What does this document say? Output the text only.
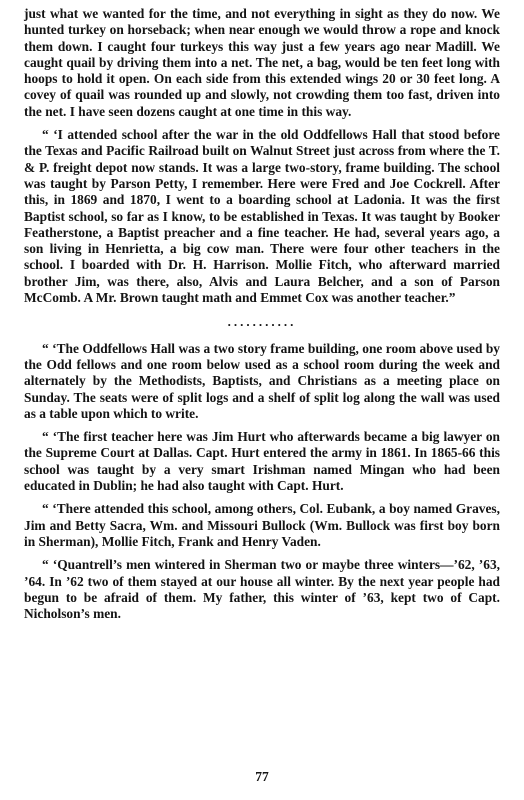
just what we wanted for the time, and not everything in sight as they do now. We hunted turkey on horseback; when near enough we would throw a rope and knock them down. I caught four turkeys this way just a few years ago near Madill. We caught quail by driving them into a net. The net, a bag, would be ten feet long with hoops to hold it open. On each side from this extended wings 20 or 30 feet long. A covey of quail was rounded up and slowly, not crowding them too fast, driven into the net. I have seen dozens caught at one time in this way.

“ ‘I attended school after the war in the old Oddfellows Hall that stood before the Texas and Pacific Railroad built on Walnut Street just across from where the T. & P. freight depot now stands. It was a large two-story, frame building. The school was taught by Parson Petty, I remember. Here were Fred and Joe Cockrell. After this, in 1869 and 1870, I went to a boarding school at Ladonia. It was the first Baptist school, so far as I know, to be established in Texas. It was taught by Booker Featherstone, a Baptist preacher and a fine teacher. He had, several years ago, a son living in Henrietta, a big cow man. There were four other teachers in the school. I boarded with Dr. H. Harrison. Mollie Fitch, who afterward married brother Jim, was there, also, Alvis and Laura Belcher, and a son of Parson McComb. A Mr. Brown taught math and Emmet Cox was another teacher.”

...........

“ ‘The Oddfellows Hall was a two story frame building, one room above used by the Odd fellows and one room below used as a school room during the week and alternately by the Methodists, Baptists, and Christians as a meeting place on Sunday. The seats were of split logs and a shelf of split log along the wall was used as a table upon which to write.

“ ‘The first teacher here was Jim Hurt who afterwards became a big lawyer on the Supreme Court at Dallas. Capt. Hurt entered the army in 1861. In 1865-66 this school was taught by a very smart Irishman named Mingan who had been educated in Dublin; he had also taught with Capt. Hurt.

“ ‘There attended this school, among others, Col. Eubank, a boy named Graves, Jim and Betty Sacra, Wm. and Missouri Bullock (Wm. Bullock was first boy born in Sherman), Mollie Fitch, Frank and Henry Vaden.

“ ‘Quantrell’s men wintered in Sherman two or maybe three winters—’62, ’63, ’64. In ’62 two of them stayed at our house all winter. By the next year people had begun to be afraid of them. My father, this winter of ’63, kept two of Capt. Nicholson’s men.

77
